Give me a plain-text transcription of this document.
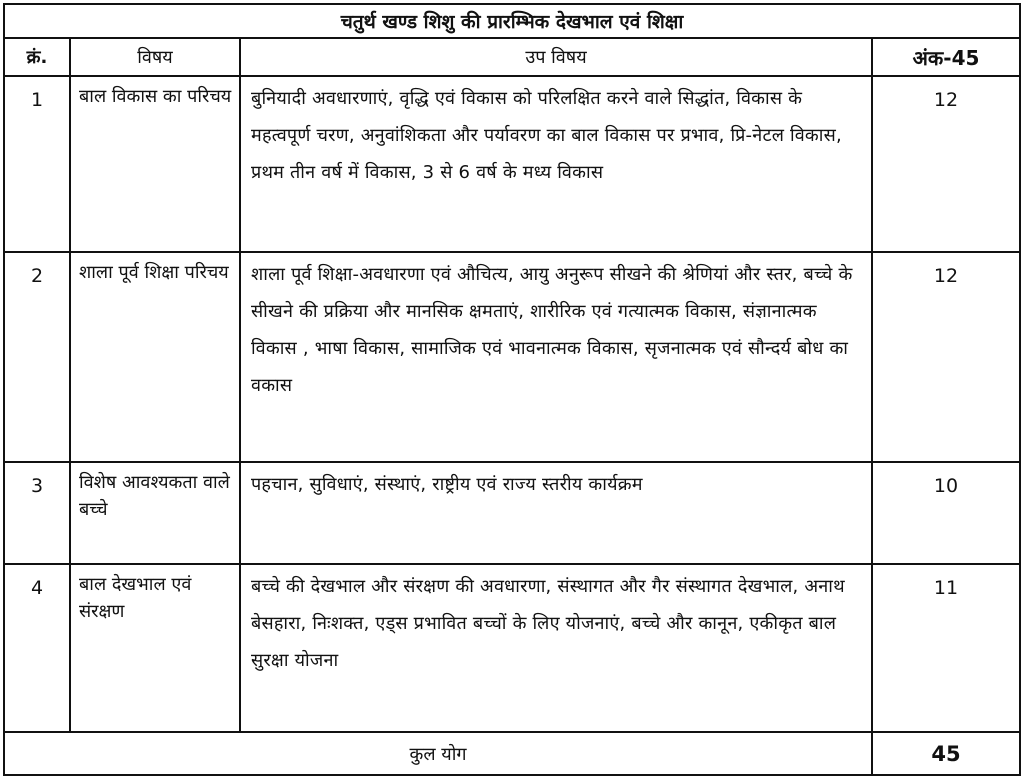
चतुर्थ खण्ड शिशु की प्रारम्भिक देखभाल एवं शिक्षा			
क्रं.	विषय	उप विषय	अंक-45
1	बाल विकास का परिचय	बुनियादी अवधारणाएं, वृद्धि एवं विकास को परिलक्षित करने वाले सिद्धांत, विकास के महत्वपूर्ण चरण, अनुवांशिकता और पर्यावरण का बाल विकास पर प्रभाव, प्रि-नेटल विकास, प्रथम तीन वर्ष में विकास, 3 से 6 वर्ष के मध्य विकास	12
2	शाला पूर्व शिक्षा परिचय	शाला पूर्व शिक्षा-अवधारणा एवं औचित्य, आयु अनुरूप सीखने की श्रेणियां और स्तर, बच्चे के सीखने की प्रक्रिया और मानसिक क्षमताएं, शारीरिक एवं गत्यात्मक विकास, संज्ञानात्मक विकास , भाषा विकास, सामाजिक एवं भावनात्मक विकास, सृजनात्मक एवं सौन्दर्य बोध का वकास	12
3	विशेष आवश्यकता वाले बच्चे	पहचान, सुविधाएं, संस्थाएं, राष्ट्रीय एवं राज्य स्तरीय कार्यक्रम	10
4	बाल देखभाल एवं संरक्षण	बच्चे की देखभाल और संरक्षण की अवधारणा, संस्थागत और गैर संस्थागत देखभाल, अनाथ बेसहारा, निःशक्त, एड्स प्रभावित बच्चों के लिए योजनाएं, बच्चे और कानून, एकीकृत बाल सुरक्षा योजना	11
कुल योग			45
